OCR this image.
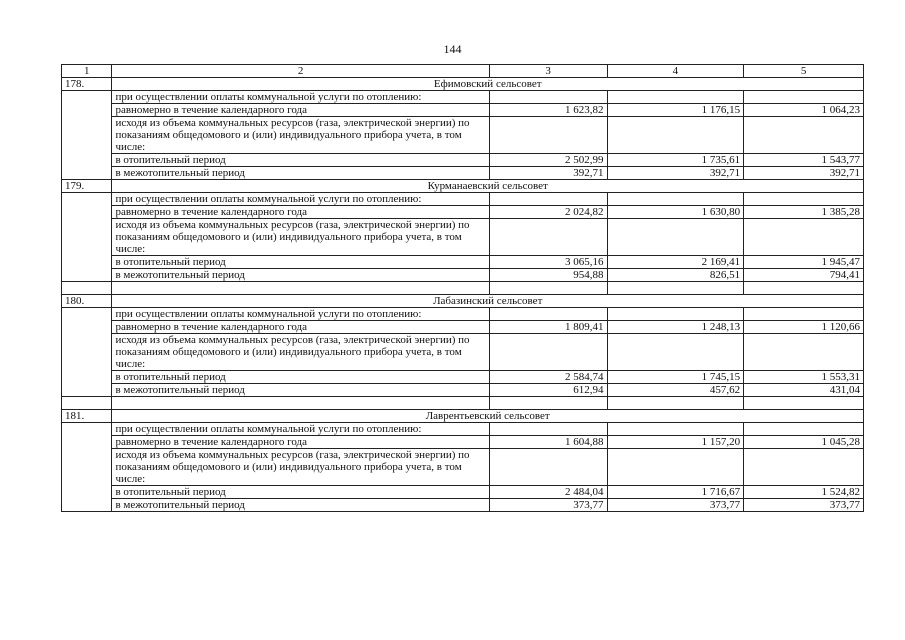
144
1	2	3	4	5
178.	Ефимовский сельсовет			
	при осуществлении оплаты коммунальной услуги по отоплению:			
	равномерно в течение календарного года	1 623,82	1 176,15	1 064,23
	исходя из объема коммунальных ресурсов (газа, электрической энергии) по показаниям общедомового и (или) индивидуального прибора учета, в том числе:			
	в отопительный период	2 502,99	1 735,61	1 543,77
	в межотопительный период	392,71	392,71	392,71
179.	Курманаевский сельсовет			
	при осуществлении оплаты коммунальной услуги по отоплению:			
	равномерно в течение календарного года	2 024,82	1 630,80	1 385,28
	исходя из объема коммунальных ресурсов (газа, электрической энергии) по показаниям общедомового и (или) индивидуального прибора учета, в том числе:			
	в отопительный период	3 065,16	2 169,41	1 945,47
	в межотопительный период	954,88	826,51	794,41

180.	Лабазинский сельсовет			
	при осуществлении оплаты коммунальной услуги по отоплению:			
	равномерно в течение календарного года	1 809,41	1 248,13	1 120,66
	исходя из объема коммунальных ресурсов (газа, электрической энергии) по показаниям общедомового и (или) индивидуального прибора учета, в том числе:			
	в отопительный период	2 584,74	1 745,15	1 553,31
	в межотопительный период	612,94	457,62	431,04

181.	Лаврентьевский сельсовет			
	при осуществлении оплаты коммунальной услуги по отоплению:			
	равномерно в течение календарного года	1 604,88	1 157,20	1 045,28
	исходя из объема коммунальных ресурсов (газа, электрической энергии) по показаниям общедомового и (или) индивидуального прибора учета, в том числе:			
	в отопительный период	2 484,04	1 716,67	1 524,82
	в межотопительный период	373,77	373,77	373,77
